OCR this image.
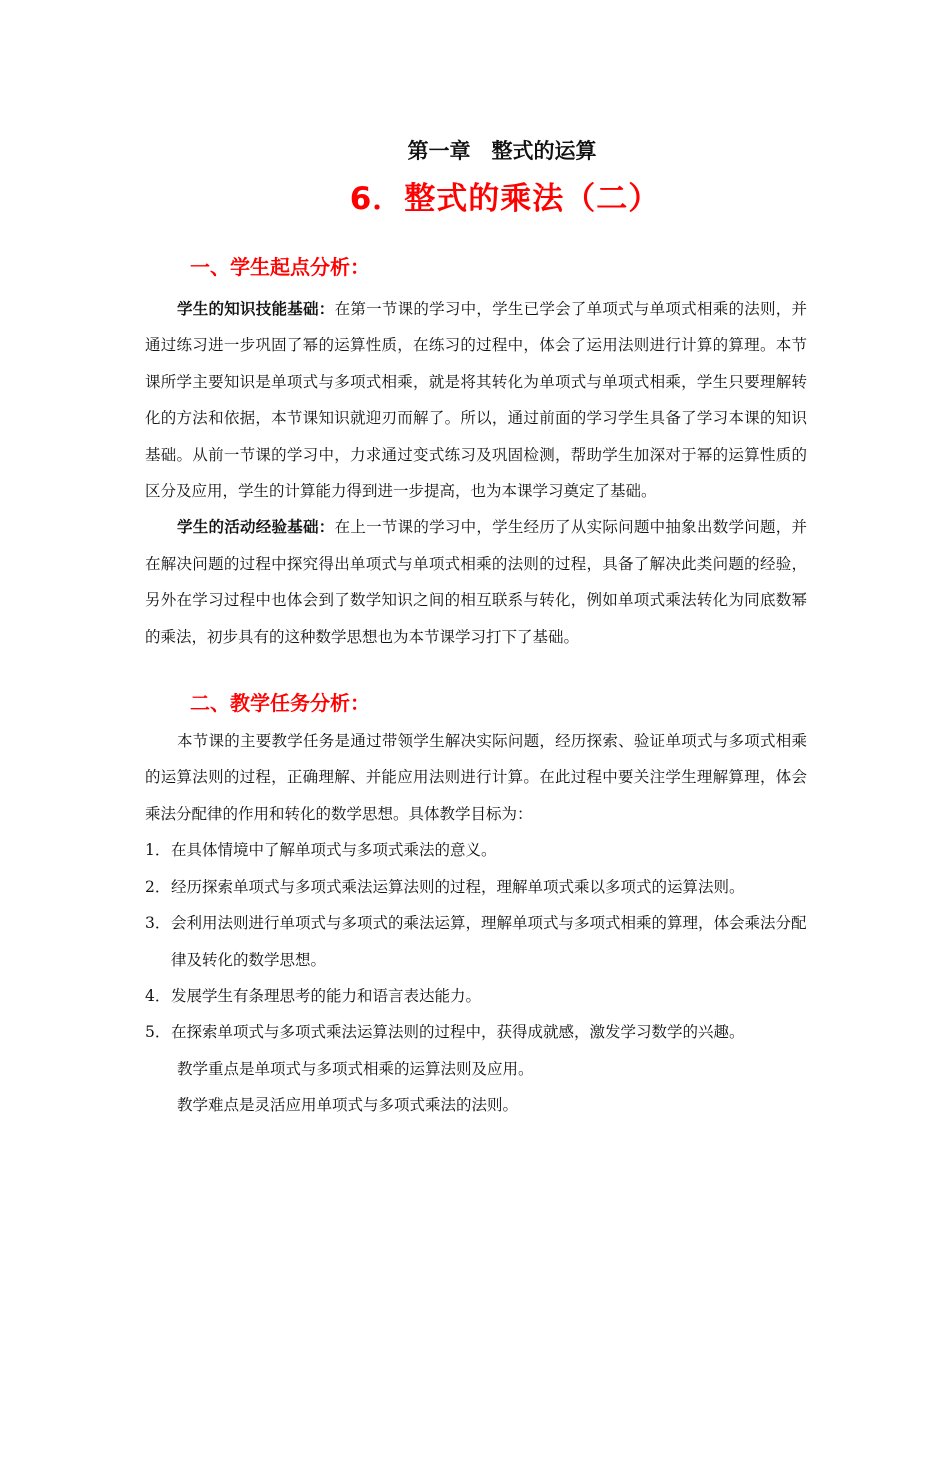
第一章　整式的运算
6．整式的乘法（二）
一、学生起点分析：

学生的知识技能基础：在第一节课的学习中，学生已学会了单项式与单项式相乘的法则，并通过练习进一步巩固了幂的运算性质，在练习的过程中，体会了运用法则进行计算的算理。本节课所学主要知识是单项式与多项式相乘，就是将其转化为单项式与单项式相乘，学生只要理解转化的方法和依据，本节课知识就迎刃而解了。所以，通过前面的学习学生具备了学习本课的知识基础。从前一节课的学习中，力求通过变式练习及巩固检测，帮助学生加深对于幂的运算性质的区分及应用，学生的计算能力得到进一步提高，也为本课学习奠定了基础。

学生的活动经验基础：在上一节课的学习中，学生经历了从实际问题中抽象出数学问题，并在解决问题的过程中探究得出单项式与单项式相乘的法则的过程，具备了解决此类问题的经验，另外在学习过程中也体会到了数学知识之间的相互联系与转化，例如单项式乘法转化为同底数幂的乘法，初步具有的这种数学思想也为本节课学习打下了基础。

二、教学任务分析：

本节课的主要教学任务是通过带领学生解决实际问题，经历探索、验证单项式与多项式相乘的运算法则的过程，正确理解、并能应用法则进行计算。在此过程中要关注学生理解算理，体会乘法分配律的作用和转化的数学思想。具体教学目标为：

1．在具体情境中了解单项式与多项式乘法的意义。
2．经历探索单项式与多项式乘法运算法则的过程，理解单项式乘以多项式的运算法则。
3．会利用法则进行单项式与多项式的乘法运算，理解单项式与多项式相乘的算理，体会乘法分配律及转化的数学思想。
4．发展学生有条理思考的能力和语言表达能力。
5．在探索单项式与多项式乘法运算法则的过程中，获得成就感，激发学习数学的兴趣。

教学重点是单项式与多项式相乘的运算法则及应用。

教学难点是灵活应用单项式与多项式乘法的法则。
